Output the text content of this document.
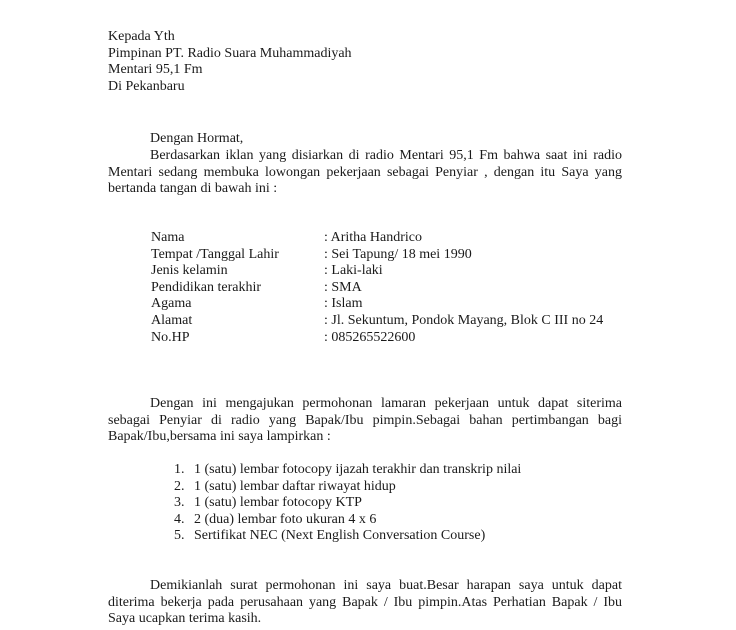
Kepada Yth
Pimpinan PT. Radio Suara Muhammadiyah
Mentari 95,1 Fm
Di Pekanbaru
Dengan Hormat,
Berdasarkan iklan yang disiarkan di radio Mentari 95,1 Fm bahwa saat ini radio Mentari sedang membuka lowongan pekerjaan sebagai Penyiar , dengan itu Saya yang bertanda tangan di bawah ini :
Nama	: Aritha Handrico
Tempat /Tanggal Lahir	: Sei Tapung/ 18 mei 1990
Jenis kelamin	: Laki-laki
Pendidikan terakhir	: SMA
Agama	: Islam
Alamat	: Jl. Sekuntum, Pondok Mayang, Blok C III no 24
No.HP	: 085265522600
Dengan ini mengajukan permohonan lamaran pekerjaan untuk dapat siterima sebagai Penyiar di radio yang Bapak/Ibu pimpin.Sebagai bahan pertimbangan bagi Bapak/Ibu,bersama ini saya lampirkan :
1. 1 (satu) lembar fotocopy ijazah terakhir dan transkrip nilai
2. 1 (satu) lembar daftar riwayat hidup
3. 1 (satu) lembar fotocopy KTP
4. 2 (dua) lembar foto ukuran 4 x 6
5. Sertifikat NEC (Next English Conversation Course)
Demikianlah surat permohonan ini saya buat.Besar harapan saya untuk dapat diterima bekerja pada perusahaan yang Bapak / Ibu pimpin.Atas Perhatian Bapak / Ibu Saya ucapkan terima kasih.
